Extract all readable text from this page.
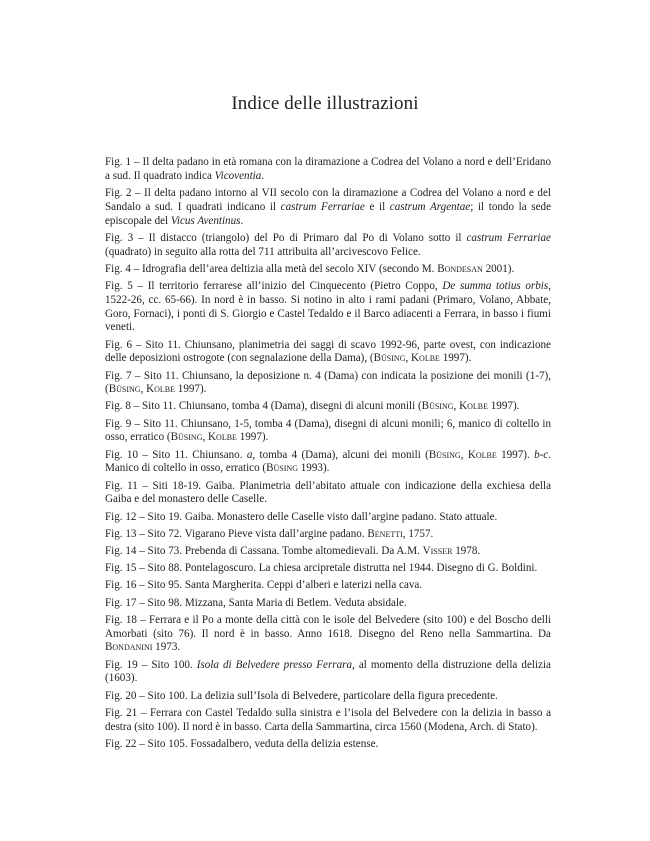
Indice delle illustrazioni
Fig. 1 – Il delta padano in età romana con la diramazione a Codrea del Volano a nord e dell’Eridano a sud. Il quadrato indica Vicoventia.
Fig. 2 – Il delta padano intorno al VII secolo con la diramazione a Codrea del Volano a nord e del Sandalo a sud. I quadrati indicano il castrum Ferrariae e il castrum Argentae; il tondo la sede episcopale del Vicus Aventinus.
Fig. 3 – Il distacco (triangolo) del Po di Primaro dal Po di Volano sotto il castrum Ferrariae (quadrato) in seguito alla rotta del 711 attribuita all’arcivescovo Felice.
Fig. 4 – Idrografia dell’area deltizia alla metà del secolo XIV (secondo M. Bondesan 2001).
Fig. 5 – Il territorio ferrarese all’inizio del Cinquecento (Pietro Coppo, De summa totius orbis, 1522-26, cc. 65-66). In nord è in basso. Si notino in alto i rami padani (Primaro, Volano, Abbate, Goro, Fornaci), i ponti di S. Giorgio e Castel Tedaldo e il Barco adiacenti a Ferrara, in basso i fiumi veneti.
Fig. 6 – Sito 11. Chiunsano, planimetria dei saggi di scavo 1992-96, parte ovest, con indicazione delle deposizioni ostrogote (con segnalazione della Dama), (Büsing, Kolbe 1997).
Fig. 7 – Sito 11. Chiunsano, la deposizione n. 4 (Dama) con indicata la posizione dei monili (1-7), (Büsing, Kolbe 1997).
Fig. 8 – Sito 11. Chiunsano, tomba 4 (Dama), disegni di alcuni monili (Büsing, Kolbe 1997).
Fig. 9 – Sito 11. Chiunsano, 1-5, tomba 4 (Dama), disegni di alcuni monili; 6, manico di coltello in osso, erratico (Büsing, Kolbe 1997).
Fig. 10 – Sito 11. Chiunsano. a, tomba 4 (Dama), alcuni dei monili (Büsing, Kolbe 1997). b-c. Manico di coltello in osso, erratico (Büsing 1993).
Fig. 11 – Siti 18-19. Gaiba. Planimetria dell’abitato attuale con indicazione della exchiesa della Gaiba e del monastero delle Caselle.
Fig. 12 – Sito 19. Gaiba. Monastero delle Caselle visto dall’argine padano. Stato attuale.
Fig. 13 – Sito 72. Vigarano Pieve vista dall’argine padano. Benetti, 1757.
Fig. 14 – Sito 73. Prebenda di Cassana. Tombe altomedievali. Da A.M. Visser 1978.
Fig. 15 – Sito 88. Pontelagoscuro. La chiesa arcipretale distrutta nel 1944. Disegno di G. Boldini.
Fig. 16 – Sito 95. Santa Margherita. Ceppi d’alberi e laterizi nella cava.
Fig. 17 – Sito 98. Mizzana, Santa Maria di Betlem. Veduta absidale.
Fig. 18 – Ferrara e il Po a monte della città con le isole del Belvedere (sito 100) e del Boscho delli Amorbati (sito 76). Il nord è in basso. Anno 1618. Disegno del Reno nella Sammartina. Da Bondanini 1973.
Fig. 19 – Sito 100. Isola di Belvedere presso Ferrara, al momento della distruzione della delizia (1603).
Fig. 20 – Sito 100. La delizia sull’Isola di Belvedere, particolare della figura precedente.
Fig. 21 – Ferrara con Castel Tedaldo sulla sinistra e l’isola del Belvedere con la delizia in basso a destra (sito 100). Il nord è in basso. Carta della Sammartina, circa 1560 (Modena, Arch. di Stato).
Fig. 22 – Sito 105. Fossadalbero, veduta della delizia estense.
